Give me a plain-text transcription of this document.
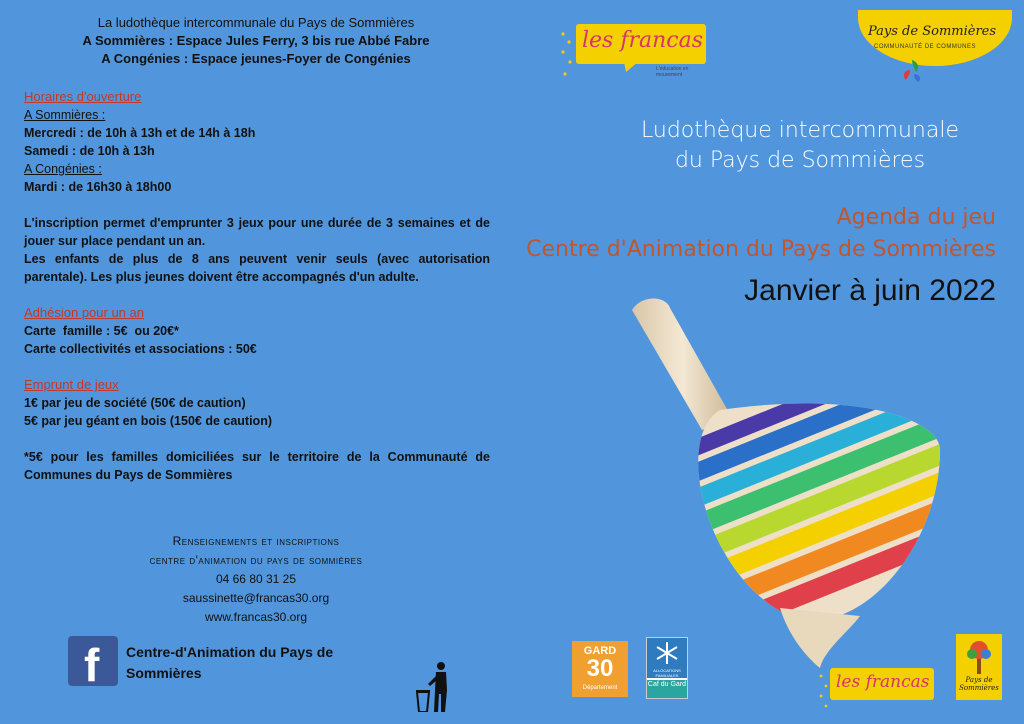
La ludothèque intercommunale du Pays de Sommières
A Sommières : Espace Jules Ferry, 3 bis rue Abbé Fabre
A Congénies : Espace jeunes-Foyer de Congénies
Horaires d'ouverture
A Sommières :
Mercredi : de 10h à 13h et de 14h à 18h
Samedi : de 10h à 13h
A Congénies :
Mardi : de 16h30 à 18h00
L'inscription permet d'emprunter 3 jeux pour une durée de 3 semaines et de jouer sur place pendant un an.
Les enfants de plus de 8 ans peuvent venir seuls (avec autorisation parentale). Les plus jeunes doivent être accompagnés d'un adulte.
Adhésion pour un an
Carte  famille : 5€  ou 20€*
Carte collectivités et associations : 50€
Emprunt de jeux
1€ par jeu de société (50€ de caution)
5€ par jeu géant en bois (150€ de caution)
*5€ pour les familles domiciliées sur le territoire de la Communauté de Communes du Pays de Sommières
Renseignements et inscriptions
centre d'animation du pays de sommières
04 66 80 31 25
saussinette@francas30.org
www.francas30.org
f Centre-d'Animation du Pays de
Sommières
les francas
L'éducation en mouvement
Pays de Sommières
COMMUNAUTÉ DE COMMUNES
Ludothèque intercommunale
du Pays de Sommières
Agenda du jeu
Centre d'Animation du Pays de Sommières
Janvier à juin 2022
GARD
30
Département
ALLOCATIONS FAMILIALES
Caf du Gard	les francas	Pays de Sommières
